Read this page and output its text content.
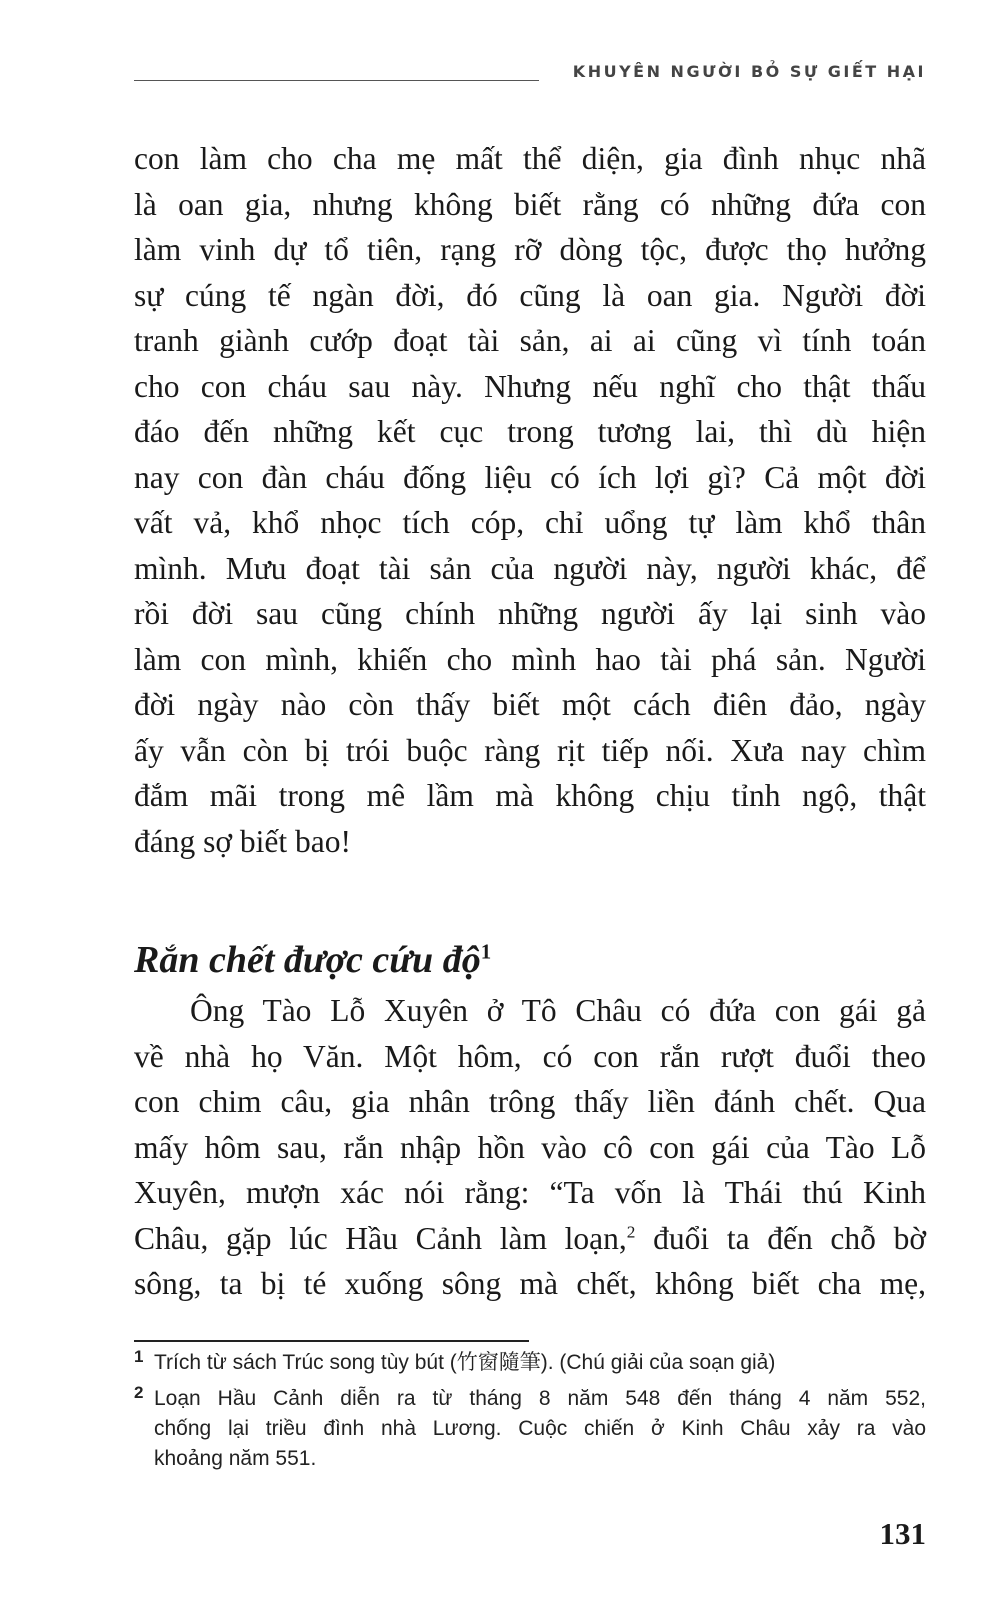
KHUYÊN NGƯỜI BỎ SỰ GIẾT HẠI
con làm cho cha mẹ mất thể diện, gia đình nhục nhã
là oan gia, nhưng không biết rằng có những đứa con
làm vinh dự tổ tiên, rạng rỡ dòng tộc, được thọ hưởng
sự cúng tế ngàn đời, đó cũng là oan gia. Người đời
tranh giành cướp đoạt tài sản, ai ai cũng vì tính toán
cho con cháu sau này. Nhưng nếu nghĩ cho thật thấu
đáo đến những kết cục trong tương lai, thì dù hiện
nay con đàn cháu đống liệu có ích lợi gì? Cả một đời
vất vả, khổ nhọc tích cóp, chỉ uổng tự làm khổ thân
mình. Mưu đoạt tài sản của người này, người khác, để
rồi đời sau cũng chính những người ấy lại sinh vào
làm con mình, khiến cho mình hao tài phá sản. Người
đời ngày nào còn thấy biết một cách điên đảo, ngày
ấy vẫn còn bị trói buộc ràng rịt tiếp nối. Xưa nay chìm
đắm mãi trong mê lầm mà không chịu tỉnh ngộ, thật
đáng sợ biết bao!
Rắn chết được cứu độ$^1$
Ông Tào Lỗ Xuyên ở Tô Châu có đứa con gái gả
về nhà họ Văn. Một hôm, có con rắn rượt đuổi theo
con chim câu, gia nhân trông thấy liền đánh chết. Qua
mấy hôm sau, rắn nhập hồn vào cô con gái của Tào Lỗ
Xuyên, mượn xác nói rằng: “Ta vốn là Thái thú Kinh
Châu, gặp lúc Hầu Cảnh làm loạn,$^2$ đuổi ta đến chỗ bờ
sông, ta bị té xuống sông mà chết, không biết cha mẹ,
1 Trích từ sách Trúc song tùy bút (竹窗隨筆). (Chú giải của soạn giả)
2 Loạn Hầu Cảnh diễn ra từ tháng 8 năm 548 đến tháng 4 năm 552,
chống lại triều đình nhà Lương. Cuộc chiến ở Kinh Châu xảy ra vào
khoảng năm 551.
131
